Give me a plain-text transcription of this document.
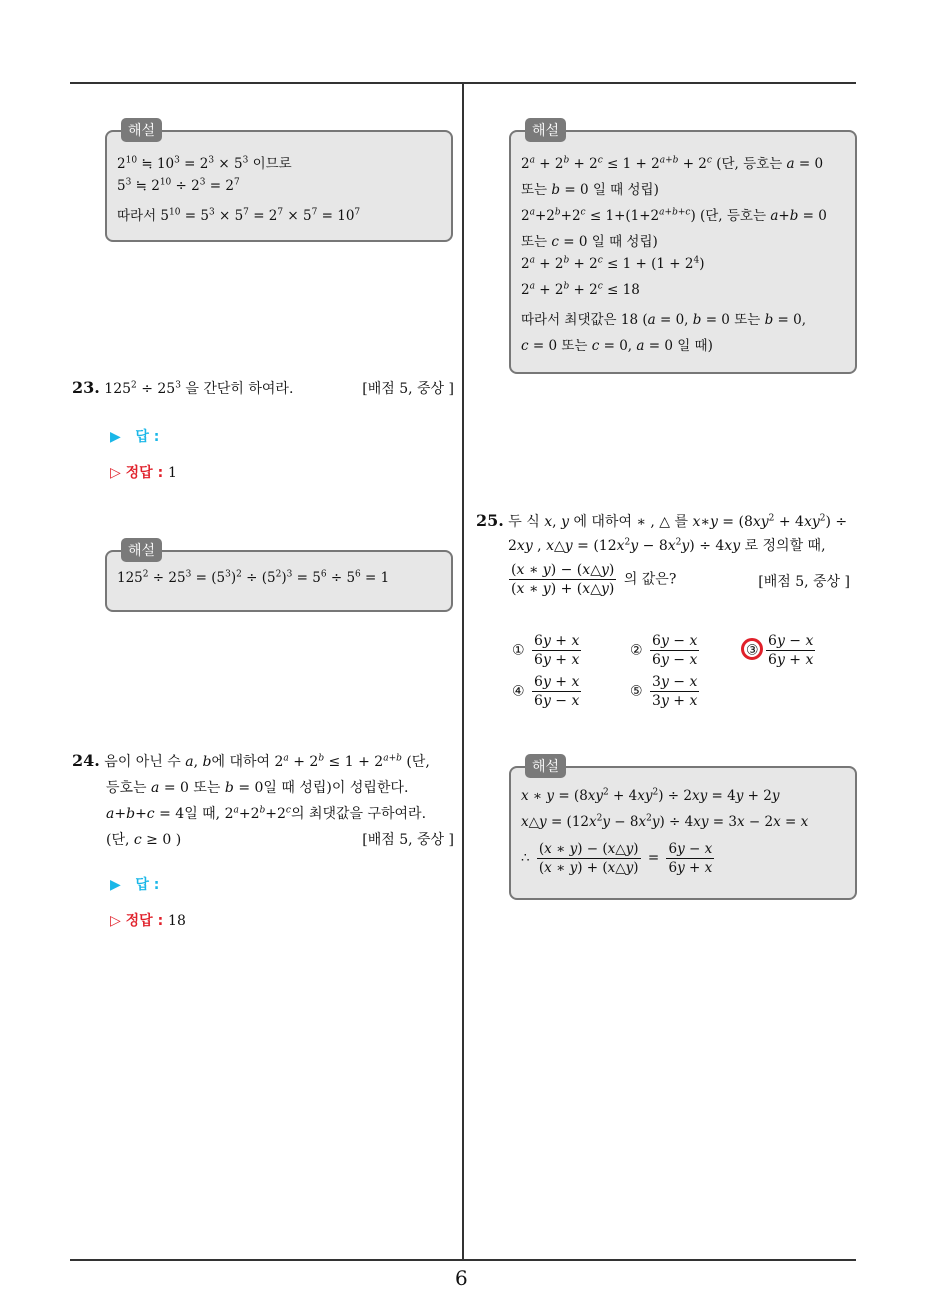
6
해설
$2^{10}$ ≒ $10^3 = 2^3 \times 5^3$ 이므로
$5^3$ ≒ $2^{10} \div 2^3 = 2^7$
따라서 $5^{10} = 5^3 \times 5^7 = 2^7 \times 5^7 = 10^7$
23. $125^2 \div 25^3$ 을 간단히 하여라.	[배점 5, 중상 ]
▶   답 :
▷ 정답 : 1
해설
$125^2 \div 25^3 = (5^3)^2 \div (5^2)^3 = 5^6 \div 5^6 = 1$
24. 음이 아닌 수 a, b에 대하여 $2^a + 2^b \le 1 + 2^{a+b}$ (단,
등호는 a = 0 또는 b = 0일 때 성립)이 성립한다.
a+b+c = 4일 때, $2^a+2^b+2^c$의 최댓값을 구하여라.
(단, c ≥ 0 )	[배점 5, 중상 ]
▶   답 :
▷ 정답 : 18
해설
$2^a + 2^b + 2^c \le 1 + 2^{a+b} + 2^c$ (단, 등호는 a = 0
또는 b = 0 일 때 성립)
$2^a+2^b+2^c \le 1+(1+2^{a+b+c})$ (단, 등호는 a+b = 0
또는 c = 0 일 때 성립)
$2^a + 2^b + 2^c \le 1 + (1 + 2^4)$
$2^a + 2^b + 2^c \le 18$
따라서 최댓값은 18 (a = 0, b = 0 또는 b = 0,
c = 0 또는 c = 0, a = 0 일 때)
25. 두 식 x, y 에 대하여 ∗ , △ 를 x∗y = $(8xy^2 + 4xy^2)$ ÷
2xy , x△y = $(12x^2y - 8x^2y) \div 4xy$ 로 정의할 때,
$\frac{(x ∗ y) - (x\triangle y)}{(x ∗ y) + (x\triangle y)}$ 의 값은?	[배점 5, 중상 ]
① $\frac{6y + x}{6y + x}$	② $\frac{6y - x}{6y - x}$	③ $\frac{6y - x}{6y + x}$
④ $\frac{6y + x}{6y - x}$	⑤ $\frac{3y - x}{3y + x}$
해설
x ∗ $y = (8xy^2 + 4xy^2) \div 2xy = 4y + 2y$
x△y = $(12x^2y - 8x^2y) \div 4xy = 3x - 2x = x$
∴ $\frac{(x ∗ y) - (x\triangle y)}{(x ∗ y) + (x\triangle y)} = \frac{6y - x}{6y + x}$
